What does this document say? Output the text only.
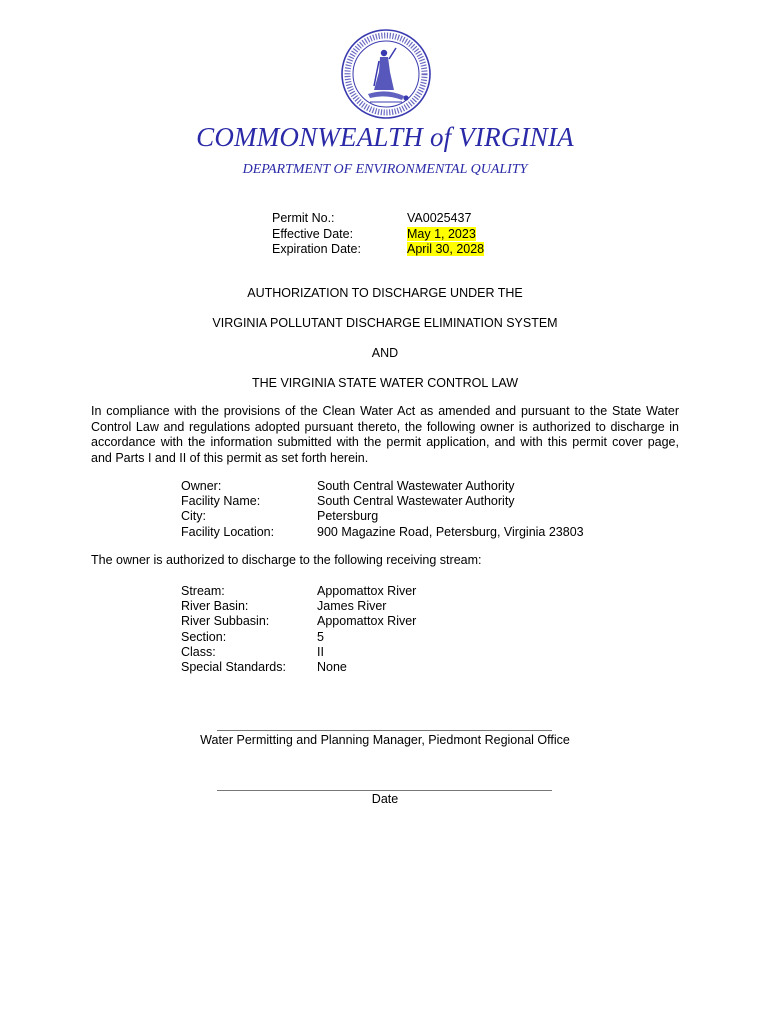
COMMONWEALTH of VIRGINIA
DEPARTMENT OF ENVIRONMENTAL QUALITY
Permit No.:
Effective Date:
Expiration Date:
VA0025437
May 1, 2023
April 30, 2028
AUTHORIZATION TO DISCHARGE UNDER THE
VIRGINIA POLLUTANT DISCHARGE ELIMINATION SYSTEM
AND
THE VIRGINIA STATE WATER CONTROL LAW
In compliance with the provisions of the Clean Water Act as amended and pursuant to the State Water Control Law and regulations adopted pursuant thereto, the following owner is authorized to discharge in accordance with the information submitted with the permit application, and with this permit cover page, and Parts I and II of this permit as set forth herein.
Owner:
Facility Name:
City:
Facility Location:
South Central Wastewater Authority
South Central Wastewater Authority
Petersburg
900 Magazine Road, Petersburg, Virginia 23803
The owner is authorized to discharge to the following receiving stream:
Stream:
River Basin:
River Subbasin:
Section:
Class:
Special Standards:
Appomattox River
James River
Appomattox River
5
II
None
Water Permitting and Planning Manager, Piedmont Regional Office
Date
